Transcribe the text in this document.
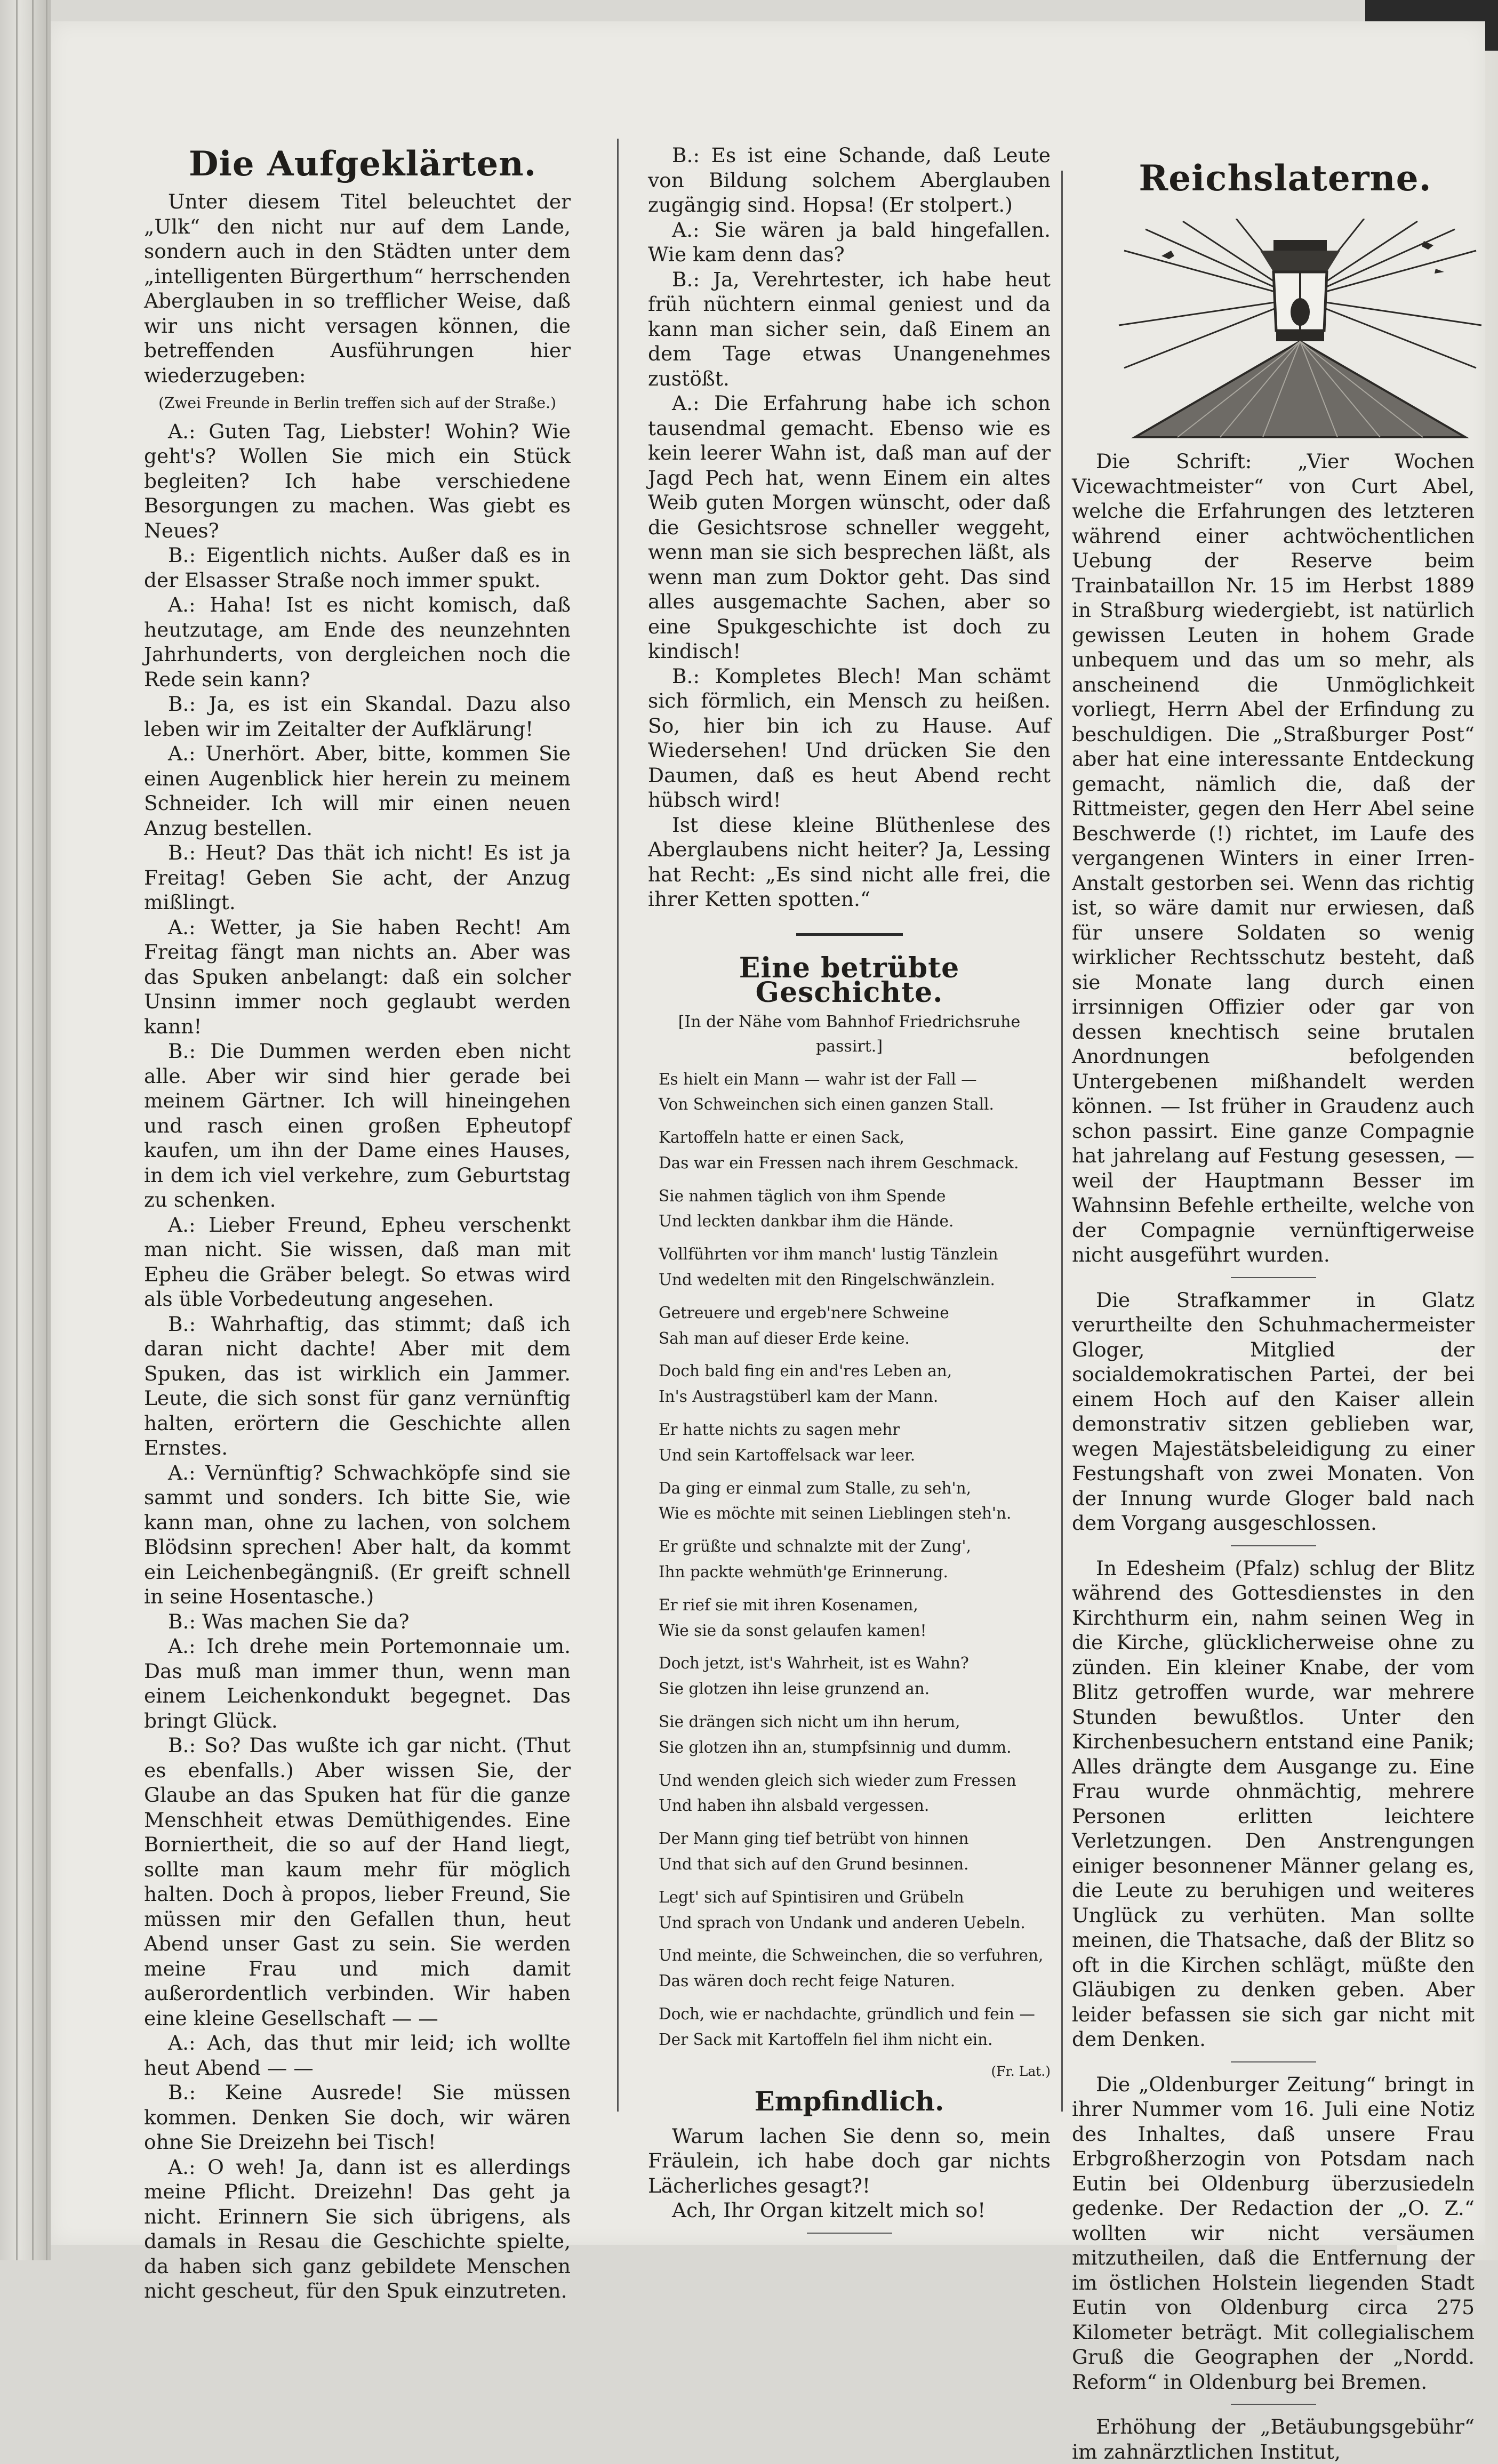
Die Aufgeklärten.

Unter diesem Titel beleuchtet der „Ulk“ den nicht nur auf dem Lande, sondern auch in den Städten unter dem „intelligenten Bürgerthum“ herrschenden Aberglauben in so trefflicher Weise, daß wir uns nicht versagen können, die betreffenden Ausführungen hier wiederzugeben:

(Zwei Freunde in Berlin treffen sich auf der Straße.)

A.: Guten Tag, Liebster! Wohin? Wie geht's? Wollen Sie mich ein Stück begleiten? Ich habe verschiedene Besorgungen zu machen. Was giebt es Neues?

B.: Eigentlich nichts. Außer daß es in der Elsasser Straße noch immer spukt.

A.: Haha! Ist es nicht komisch, daß heutzutage, am Ende des neunzehnten Jahrhunderts, von dergleichen noch die Rede sein kann?

B.: Ja, es ist ein Skandal. Dazu also leben wir im Zeitalter der Aufklärung!

A.: Unerhört. Aber, bitte, kommen Sie einen Augenblick hier herein zu meinem Schneider. Ich will mir einen neuen Anzug bestellen.

B.: Heut? Das thät ich nicht! Es ist ja Freitag! Geben Sie acht, der Anzug mißlingt.

A.: Wetter, ja Sie haben Recht! Am Freitag fängt man nichts an. Aber was das Spuken anbelangt: daß ein solcher Unsinn immer noch geglaubt werden kann!

B.: Die Dummen werden eben nicht alle. Aber wir sind hier gerade bei meinem Gärtner. Ich will hineingehen und rasch einen großen Epheutopf kaufen, um ihn der Dame eines Hauses, in dem ich viel verkehre, zum Geburtstag zu schenken.

A.: Lieber Freund, Epheu verschenkt man nicht. Sie wissen, daß man mit Epheu die Gräber belegt. So etwas wird als üble Vorbedeutung angesehen.

B.: Wahrhaftig, das stimmt; daß ich daran nicht dachte! Aber mit dem Spuken, das ist wirklich ein Jammer. Leute, die sich sonst für ganz vernünftig halten, erörtern die Geschichte allen Ernstes.

A.: Vernünftig? Schwachköpfe sind sie sammt und sonders. Ich bitte Sie, wie kann man, ohne zu lachen, von solchem Blödsinn sprechen! Aber halt, da kommt ein Leichenbegängniß. (Er greift schnell in seine Hosentasche.)

B.: Was machen Sie da?

A.: Ich drehe mein Portemonnaie um. Das muß man immer thun, wenn man einem Leichenkondukt begegnet. Das bringt Glück.

B.: So? Das wußte ich gar nicht. (Thut es ebenfalls.) Aber wissen Sie, der Glaube an das Spuken hat für die ganze Menschheit etwas Demüthigendes. Eine Borniertheit, die so auf der Hand liegt, sollte man kaum mehr für möglich halten. Doch à propos, lieber Freund, Sie müssen mir den Gefallen thun, heut Abend unser Gast zu sein. Sie werden meine Frau und mich damit außerordentlich verbinden. Wir haben eine kleine Gesellschaft — —

A.: Ach, das thut mir leid; ich wollte heut Abend — —

B.: Keine Ausrede! Sie müssen kommen. Denken Sie doch, wir wären ohne Sie Dreizehn bei Tisch!

A.: O weh! Ja, dann ist es allerdings meine Pflicht. Dreizehn! Das geht ja nicht. Erinnern Sie sich übrigens, als damals in Resau die Geschichte spielte, da haben sich ganz gebildete Menschen nicht gescheut, für den Spuk einzutreten.

B.: Es ist eine Schande, daß Leute von Bildung solchem Aberglauben zugängig sind. Hopsa! (Er stolpert.)

A.: Sie wären ja bald hingefallen. Wie kam denn das?

B.: Ja, Verehrtester, ich habe heut früh nüchtern einmal geniest und da kann man sicher sein, daß Einem an dem Tage etwas Unangenehmes zustößt.

A.: Die Erfahrung habe ich schon tausendmal gemacht. Ebenso wie es kein leerer Wahn ist, daß man auf der Jagd Pech hat, wenn Einem ein altes Weib guten Morgen wünscht, oder daß die Gesichtsrose schneller weggeht, wenn man sie sich besprechen läßt, als wenn man zum Doktor geht. Das sind alles ausgemachte Sachen, aber so eine Spukgeschichte ist doch zu kindisch!

B.: Kompletes Blech! Man schämt sich förmlich, ein Mensch zu heißen. So, hier bin ich zu Hause. Auf Wiedersehen! Und drücken Sie den Daumen, daß es heut Abend recht hübsch wird!

Ist diese kleine Blüthenlese des Aberglaubens nicht heiter? Ja, Lessing hat Recht: „Es sind nicht alle frei, die ihrer Ketten spotten.“

Eine betrübte Geschichte.
[In der Nähe vom Bahnhof Friedrichsruhe passirt.]
Es hielt ein Mann — wahr ist der Fall —
Von Schweinchen sich einen ganzen Stall.
Kartoffeln hatte er einen Sack,
Das war ein Fressen nach ihrem Geschmack.
Sie nahmen täglich von ihm Spende
Und leckten dankbar ihm die Hände.
Vollführten vor ihm manch' lustig Tänzlein
Und wedelten mit den Ringelschwänzlein.
Getreuere und ergeb'nere Schweine
Sah man auf dieser Erde keine.
Doch bald fing ein and'res Leben an,
In's Austragstüberl kam der Mann.
Er hatte nichts zu sagen mehr
Und sein Kartoffelsack war leer.
Da ging er einmal zum Stalle, zu seh'n,
Wie es möchte mit seinen Lieblingen steh'n.
Er grüßte und schnalzte mit der Zung',
Ihn packte wehmüth'ge Erinnerung.
Er rief sie mit ihren Kosenamen,
Wie sie da sonst gelaufen kamen!
Doch jetzt, ist's Wahrheit, ist es Wahn?
Sie glotzen ihn leise grunzend an.
Sie drängen sich nicht um ihn herum,
Sie glotzen ihn an, stumpfsinnig und dumm.
Und wenden gleich sich wieder zum Fressen
Und haben ihn alsbald vergessen.
Der Mann ging tief betrübt von hinnen
Und that sich auf den Grund besinnen.
Legt' sich auf Spintisiren und Grübeln
Und sprach von Undank und anderen Uebeln.
Und meinte, die Schweinchen, die so verfuhren,
Das wären doch recht feige Naturen.
Doch, wie er nachdachte, gründlich und fein —
Der Sack mit Kartoffeln fiel ihm nicht ein.
(Fr. Lat.)
Empfindlich.

Warum lachen Sie denn so, mein Fräulein, ich habe doch gar nichts Lächerliches gesagt?!

Ach, Ihr Organ kitzelt mich so!

Reichslaterne.

Die Schrift: „Vier Wochen Vicewachtmeister“ von Curt Abel, welche die Erfahrungen des letzteren während einer achtwöchentlichen Uebung der Reserve beim Trainbataillon Nr. 15 im Herbst 1889 in Straßburg wiedergiebt, ist natürlich gewissen Leuten in hohem Grade unbequem und das um so mehr, als anscheinend die Unmöglichkeit vorliegt, Herrn Abel der Erfindung zu beschuldigen. Die „Straßburger Post“ aber hat eine interessante Entdeckung gemacht, nämlich die, daß der Rittmeister, gegen den Herr Abel seine Beschwerde (!) richtet, im Laufe des vergangenen Winters in einer Irren-Anstalt gestorben sei. Wenn das richtig ist, so wäre damit nur erwiesen, daß für unsere Soldaten so wenig wirklicher Rechtsschutz besteht, daß sie Monate lang durch einen irrsinnigen Offizier oder gar von dessen knechtisch seine brutalen Anordnungen befolgenden Untergebenen mißhandelt werden können. — Ist früher in Graudenz auch schon passirt. Eine ganze Compagnie hat jahrelang auf Festung gesessen, — weil der Hauptmann Besser im Wahnsinn Befehle ertheilte, welche von der Compagnie vernünftigerweise nicht ausgeführt wurden.

Die Strafkammer in Glatz verurtheilte den Schuhmachermeister Gloger, Mitglied der socialdemokratischen Partei, der bei einem Hoch auf den Kaiser allein demonstrativ sitzen geblieben war, wegen Majestätsbeleidigung zu einer Festungshaft von zwei Monaten. Von der Innung wurde Gloger bald nach dem Vorgang ausgeschlossen.

In Edesheim (Pfalz) schlug der Blitz während des Gottesdienstes in den Kirchthurm ein, nahm seinen Weg in die Kirche, glücklicherweise ohne zu zünden. Ein kleiner Knabe, der vom Blitz getroffen wurde, war mehrere Stunden bewußtlos. Unter den Kirchenbesuchern entstand eine Panik; Alles drängte dem Ausgange zu. Eine Frau wurde ohnmächtig, mehrere Personen erlitten leichtere Verletzungen. Den Anstrengungen einiger besonnener Männer gelang es, die Leute zu beruhigen und weiteres Unglück zu verhüten. Man sollte meinen, die Thatsache, daß der Blitz so oft in die Kirchen schlägt, müßte den Gläubigen zu denken geben. Aber leider befassen sie sich gar nicht mit dem Denken.

Die „Oldenburger Zeitung“ bringt in ihrer Nummer vom 16. Juli eine Notiz des Inhaltes, daß unsere Frau Erbgroßherzogin von Potsdam nach Eutin bei Oldenburg überzusiedeln gedenke. Der Redaction der „O. Z.“ wollten wir nicht versäumen mitzutheilen, daß die Entfernung der im östlichen Holstein liegenden Stadt Eutin von Oldenburg circa 275 Kilometer beträgt. Mit collegialischem Gruß die Geographen der „Nordd. Reform“ in Oldenburg bei Bremen.

Erhöhung der „Betäubungsgebühr“ im zahnärztlichen Institut,
